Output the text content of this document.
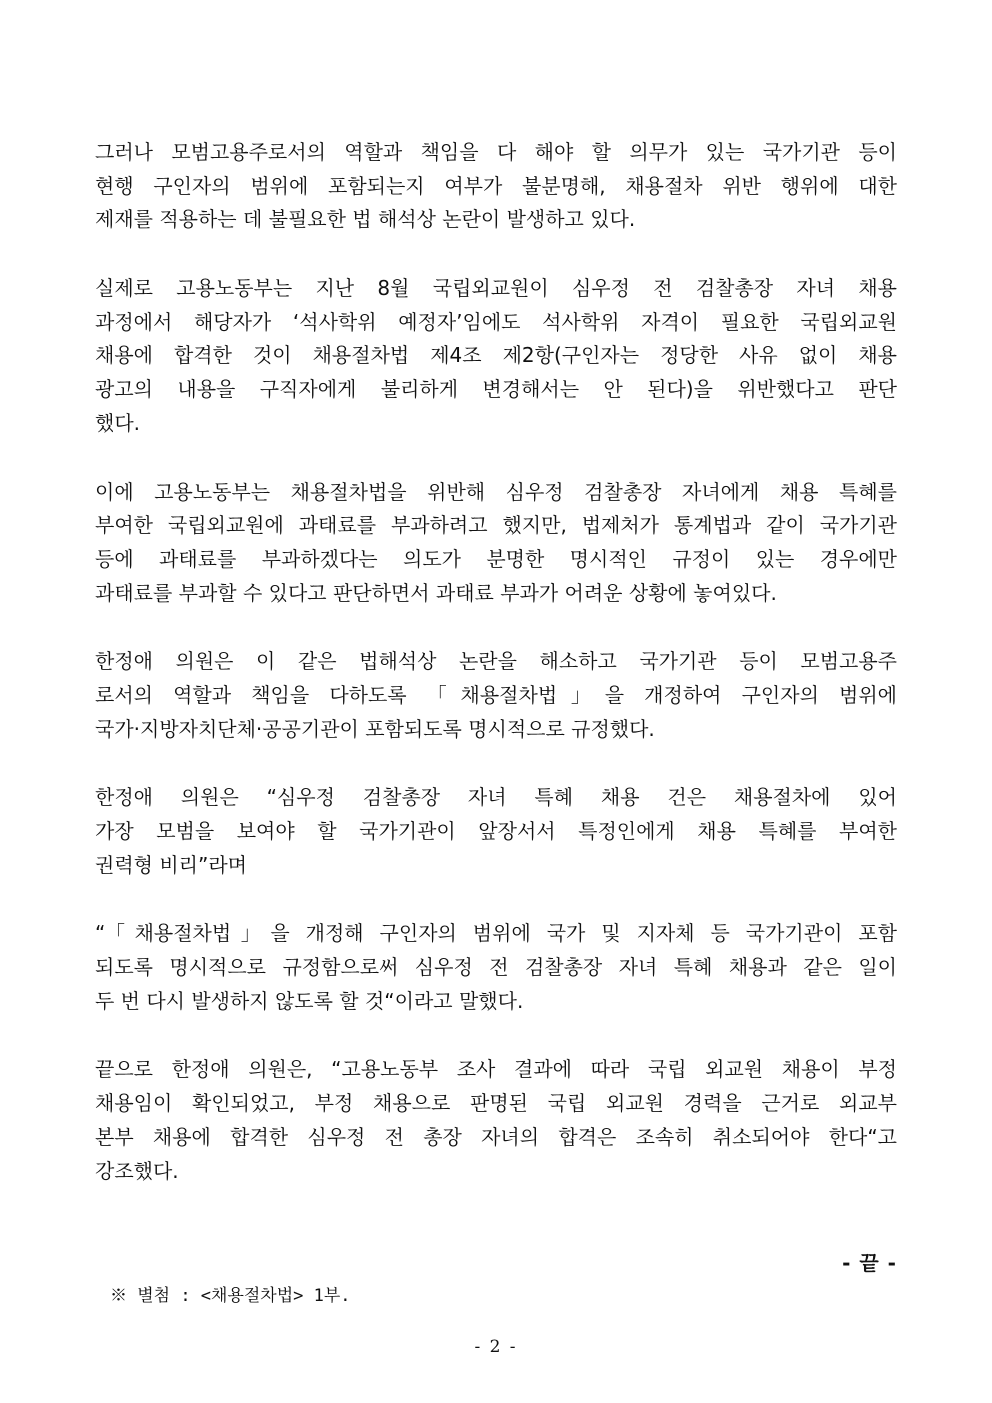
그러나 모범고용주로서의 역할과 책임을 다 해야 할 의무가 있는 국가기관 등이
현행 구인자의 범위에 포함되는지 여부가 불분명해, 채용절차 위반 행위에 대한
제재를 적용하는 데 불필요한 법 해석상 논란이 발생하고 있다.

실제로 고용노동부는 지난 8월 국립외교원이 심우정 전 검찰총장 자녀 채용
과정에서 해당자가 ‘석사학위 예정자’임에도 석사학위 자격이 필요한 국립외교원
채용에 합격한 것이 채용절차법 제4조 제2항(구인자는 정당한 사유 없이 채용
광고의 내용을 구직자에게 불리하게 변경해서는 안 된다)을 위반했다고 판단
했다.

이에 고용노동부는 채용절차법을 위반해 심우정 검찰총장 자녀에게 채용 특혜를
부여한 국립외교원에 과태료를 부과하려고 했지만, 법제처가 통계법과 같이 국가기관
등에 과태료를 부과하겠다는 의도가 분명한 명시적인 규정이 있는 경우에만
과태료를 부과할 수 있다고 판단하면서 과태료 부과가 어려운 상황에 놓여있다.

한정애 의원은 이 같은 법해석상 논란을 해소하고 국가기관 등이 모범고용주
로서의 역할과 책임을 다하도록 「채용절차법」을 개정하여 구인자의 범위에
국가·지방자치단체·공공기관이 포함되도록 명시적으로 규정했다.

한정애 의원은 “심우정 검찰총장 자녀 특혜 채용 건은 채용절차에 있어
가장 모범을 보여야 할 국가기관이 앞장서서 특정인에게 채용 특혜를 부여한
권력형 비리”라며

“「채용절차법」을 개정해 구인자의 범위에 국가 및 지자체 등 국가기관이 포함
되도록 명시적으로 규정함으로써 심우정 전 검찰총장 자녀 특혜 채용과 같은 일이
두 번 다시 발생하지 않도록 할 것“이라고 말했다.

끝으로 한정애 의원은, “고용노동부 조사 결과에 따라 국립 외교원 채용이 부정
채용임이 확인되었고, 부정 채용으로 판명된 국립 외교원 경력을 근거로 외교부
본부 채용에 합격한 심우정 전 총장 자녀의 합격은 조속히 취소되어야 한다“고
강조했다.

- 끝 -
※ 별첨 : <채용절차법> 1부.
- 2 -
